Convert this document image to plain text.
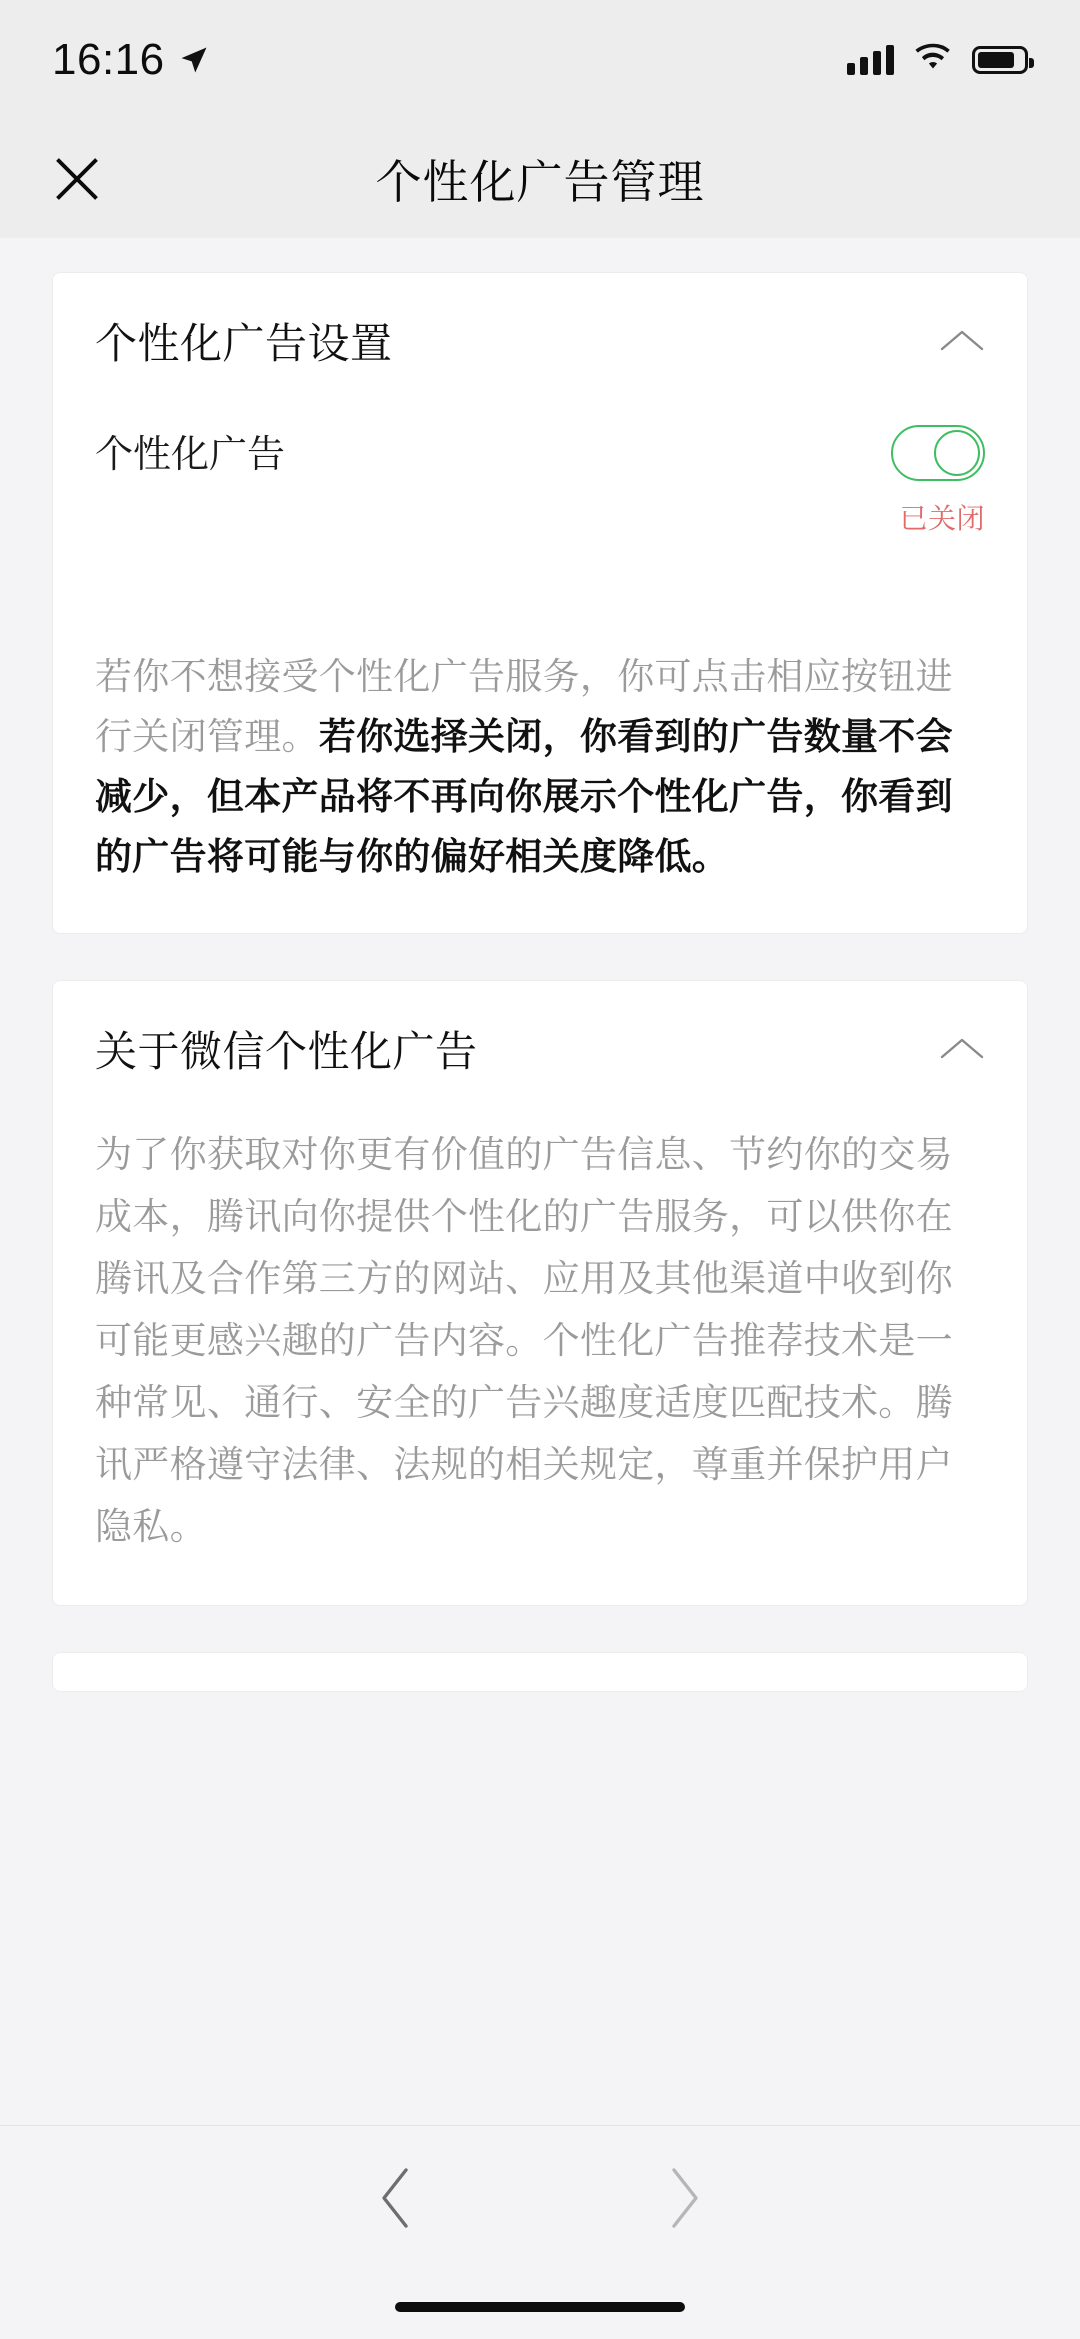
16:16
个性化广告管理
个性化广告设置
个性化广告
已关闭
若你不想接受个性化广告服务，你可点击相应按钮进行关闭管理。若你选择关闭，你看到的广告数量不会减少，但本产品将不再向你展示个性化广告，你看到的广告将可能与你的偏好相关度降低。
关于微信个性化广告
为了你获取对你更有价值的广告信息、节约你的交易成本，腾讯向你提供个性化的广告服务，可以供你在腾讯及合作第三方的网站、应用及其他渠道中收到你可能更感兴趣的广告内容。个性化广告推荐技术是一种常见、通行、安全的广告兴趣度适度匹配技术。腾讯严格遵守法律、法规的相关规定，尊重并保护用户隐私。
